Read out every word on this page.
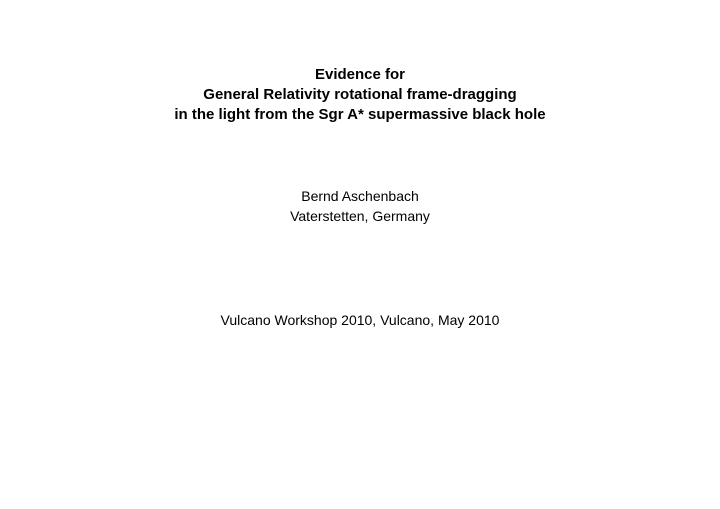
Evidence for
General Relativity rotational frame-dragging
in the light from the Sgr A* supermassive black hole
Bernd Aschenbach
Vaterstetten, Germany
Vulcano Workshop 2010, Vulcano, May 2010
